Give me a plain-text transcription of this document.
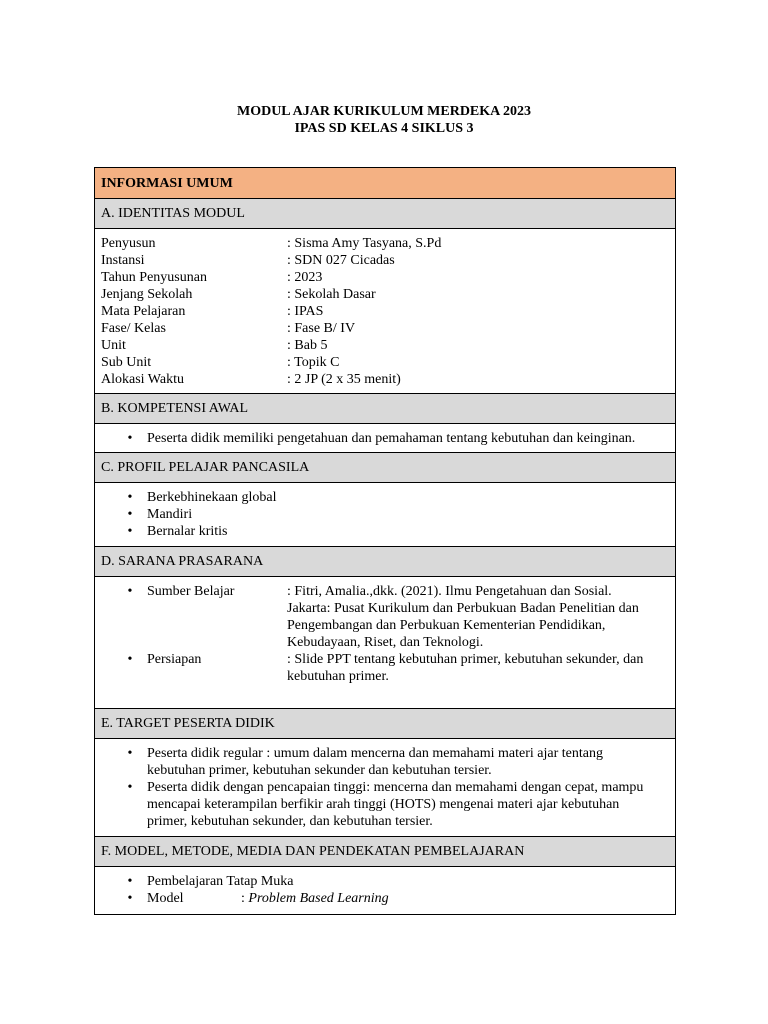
MODUL AJAR KURIKULUM MERDEKA 2023
IPAS SD KELAS 4 SIKLUS 3
INFORMASI UMUM
A. IDENTITAS MODUL
Penyusun	: Sisma Amy Tasyana, S.Pd
Instansi	: SDN 027 Cicadas
Tahun Penyusunan	: 2023
Jenjang Sekolah	: Sekolah Dasar
Mata Pelajaran	: IPAS
Fase/ Kelas	: Fase B/ IV
Unit	: Bab 5
Sub Unit	: Topik C
Alokasi Waktu	: 2 JP (2 x 35 menit)
B. KOMPETENSI AWAL
• Peserta didik memiliki pengetahuan dan pemahaman tentang kebutuhan dan keinginan.
C. PROFIL PELAJAR PANCASILA
• Berkebhinekaan global
• Mandiri
• Bernalar kritis
D. SARANA PRASARANA
• Sumber Belajar	: Fitri, Amalia.,dkk. (2021). Ilmu Pengetahuan dan Sosial. Jakarta: Pusat Kurikulum dan Perbukuan Badan Penelitian dan Pengembangan dan Perbukuan Kementerian Pendidikan, Kebudayaan, Riset, dan Teknologi.
• Persiapan	: Slide PPT tentang kebutuhan primer, kebutuhan sekunder, dan kebutuhan primer.
E. TARGET PESERTA DIDIK
• Peserta didik regular : umum dalam mencerna dan memahami materi ajar tentang kebutuhan primer, kebutuhan sekunder dan kebutuhan tersier.
• Peserta didik dengan pencapaian tinggi: mencerna dan memahami dengan cepat, mampu mencapai keterampilan berfikir arah tinggi (HOTS) mengenai materi ajar kebutuhan primer, kebutuhan sekunder, dan kebutuhan tersier.
F. MODEL, METODE, MEDIA DAN PENDEKATAN PEMBELAJARAN
• Pembelajaran Tatap Muka
• Model	: Problem Based Learning
